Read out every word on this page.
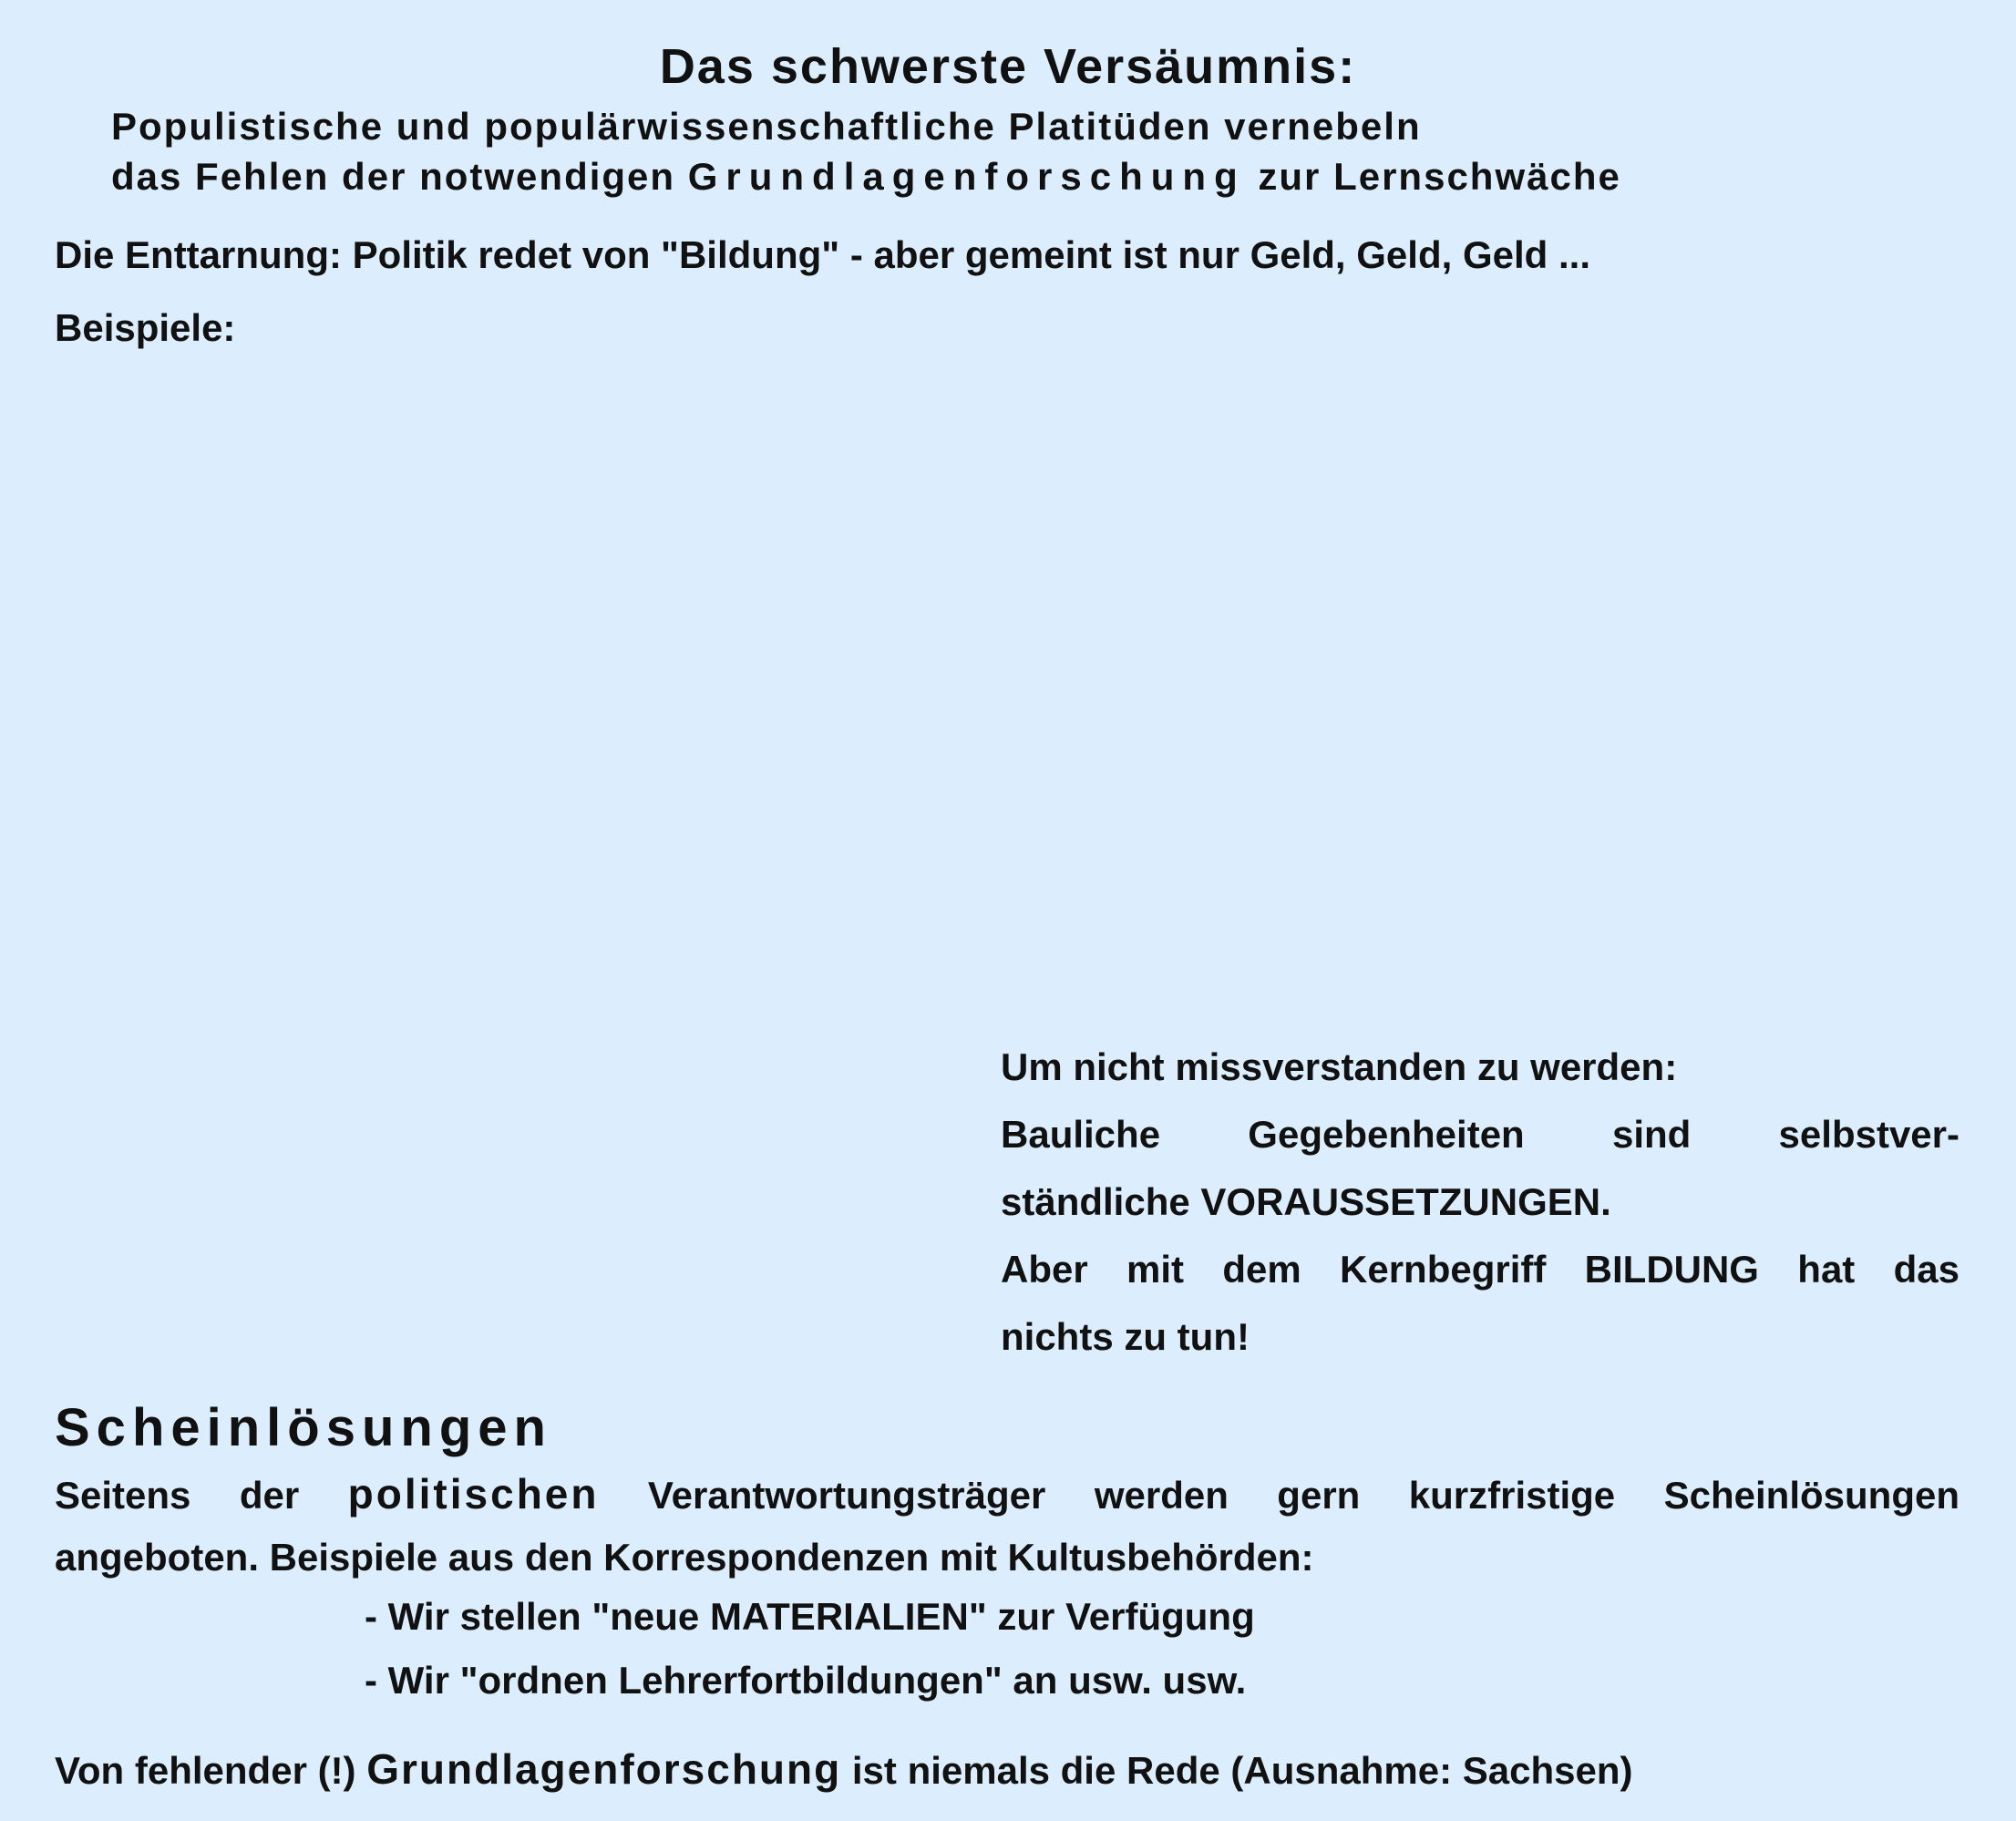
Das schwerste Versäumnis:
Populistische und populärwissenschaftliche Platitüden vernebeln
das Fehlen der notwendigen Grundlagenforschung zur Lernschwäche
Die Enttarnung: Politik redet von "Bildung" - aber gemeint ist nur Geld, Geld, Geld ...
Beispiele:

Um nicht missverstanden zu werden:

Bauliche Gegebenheiten sind selbstver-

ständliche VORAUSSETZUNGEN.

Aber mit dem Kernbegriff BILDUNG hat das

nichts zu tun!

Scheinlösungen

Seitens der politischen Verantwortungsträger werden gern kurzfristige Scheinlösungen

angeboten. Beispiele aus den Korrespondenzen mit Kultusbehörden:

- Wir stellen "neue MATERIALIEN" zur Verfügung
- Wir "ordnen Lehrerfortbildungen" an usw. usw.
Von fehlender (!) Grundlagenforschung ist niemals die Rede (Ausnahme: Sachsen)
